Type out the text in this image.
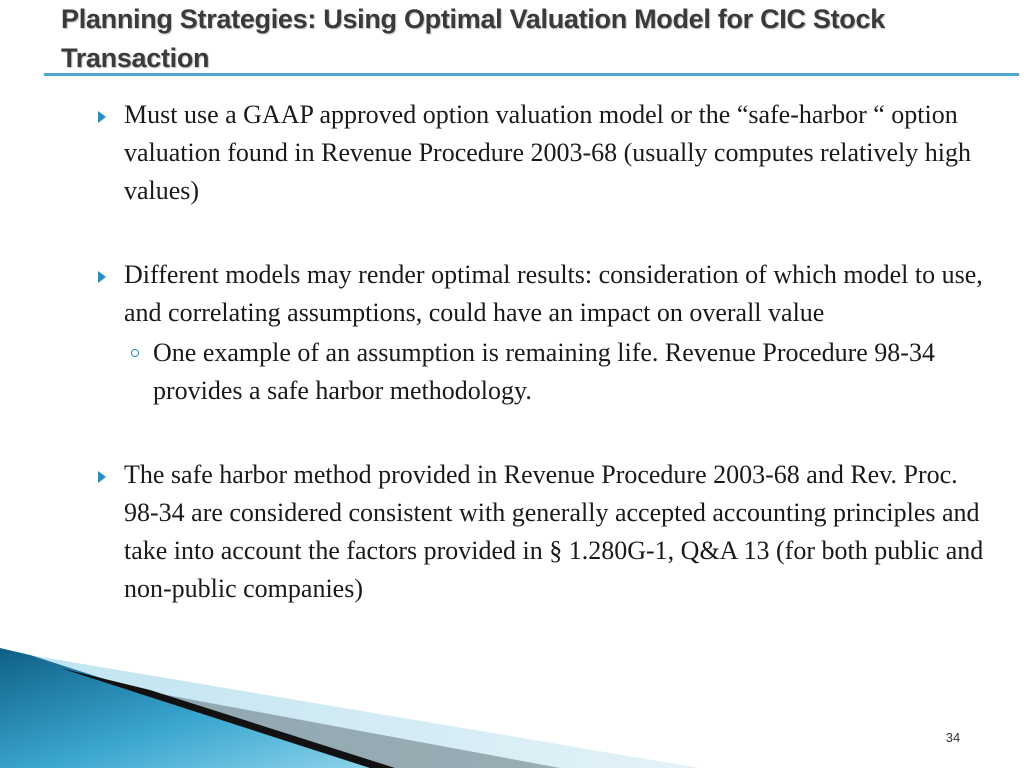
Planning Strategies: Using Optimal Valuation Model for CIC Stock Transaction
Must use a GAAP approved option valuation model or the “safe-harbor “ option valuation found in Revenue Procedure 2003-68 (usually computes relatively high values)
Different models may render optimal results: consideration of which model to use, and correlating assumptions, could have an impact on overall value
One example of an assumption is remaining life. Revenue Procedure 98-34 provides a safe harbor methodology.
The safe harbor method provided in Revenue Procedure 2003-68 and Rev. Proc. 98-34 are considered consistent with generally accepted accounting principles and take into account the factors provided in § 1.280G-1, Q&A 13 (for both public and non-public companies)
34
